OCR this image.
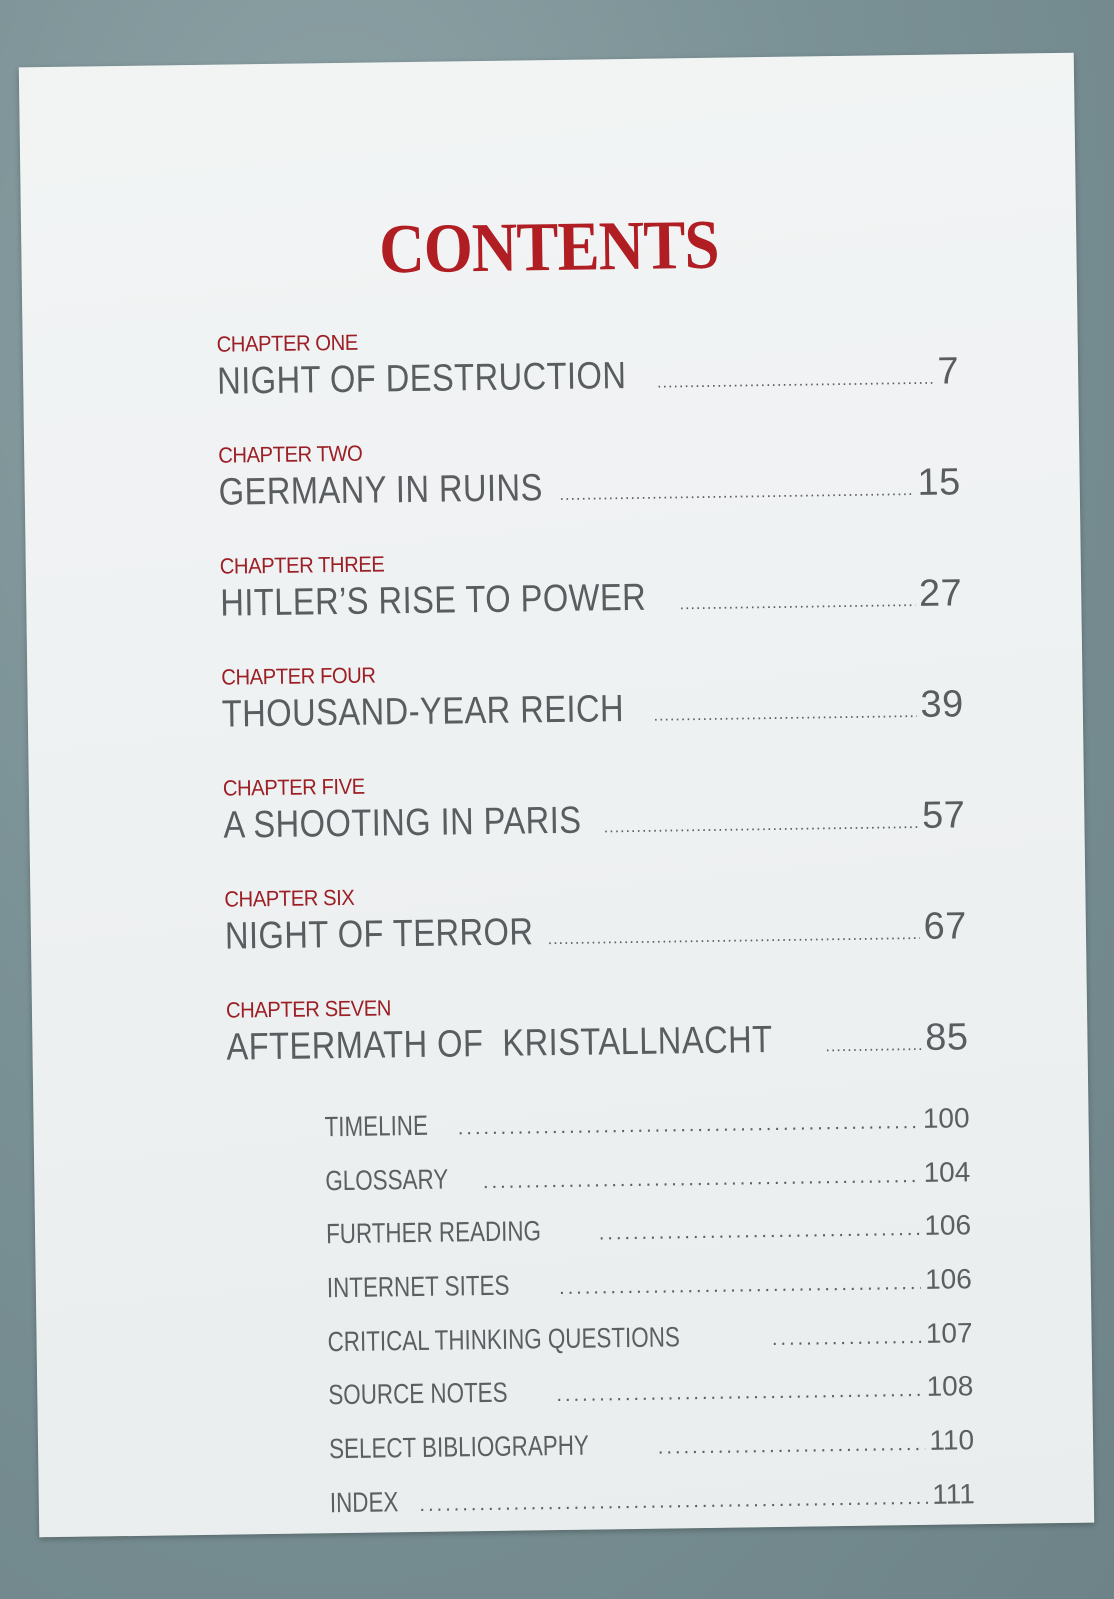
CONTENTS
CHAPTER ONE
NIGHT OF DESTRUCTION .....	7
CHAPTER TWO
GERMANY IN RUINS .....	15
CHAPTER THREE
HITLER’S RISE TO POWER .....	27
CHAPTER FOUR
THOUSAND-YEAR REICH .....	39
CHAPTER FIVE
A SHOOTING IN PARIS .....	57
CHAPTER SIX
NIGHT OF TERROR .....	67
CHAPTER SEVEN
AFTERMATH OF  KRISTALLNACHT .....	85
TIMELINE .....	100
GLOSSARY .....	104
FURTHER READING .....	106
INTERNET SITES .....	106
CRITICAL THINKING QUESTIONS .....	107
SOURCE NOTES .....	108
SELECT BIBLIOGRAPHY .....	110
INDEX .....	111
